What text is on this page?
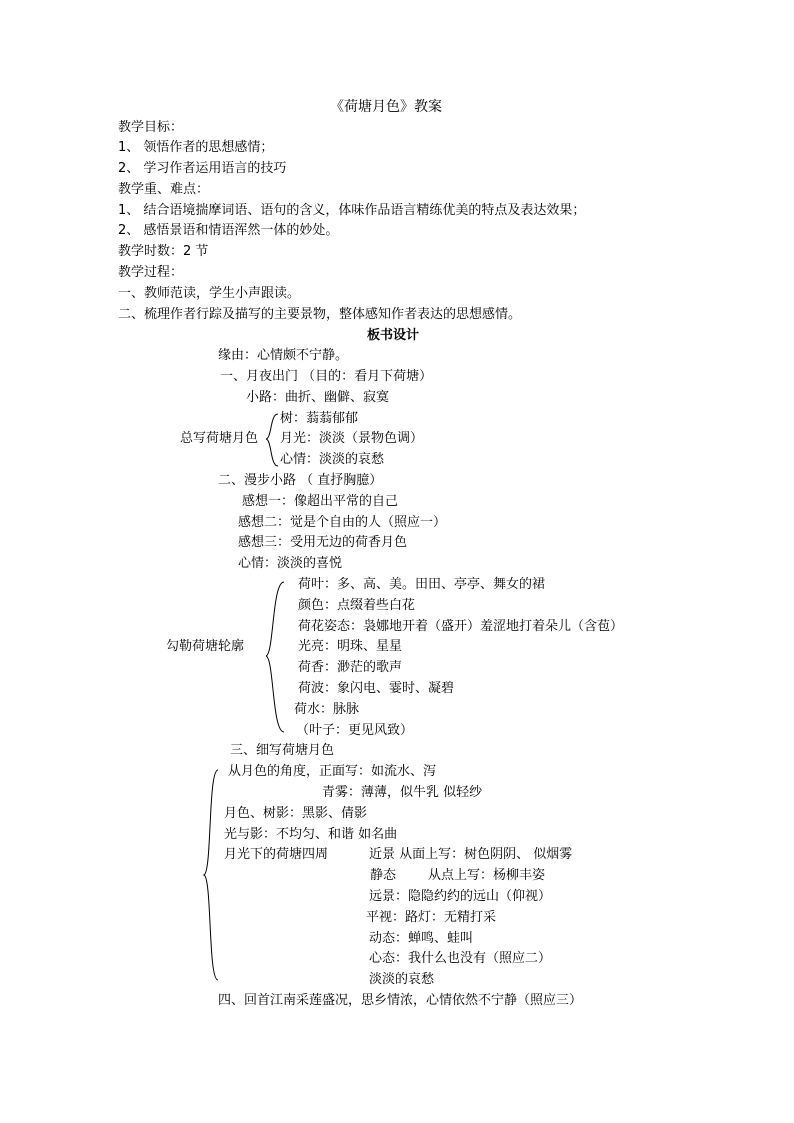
《荷塘月色》教案
教学目标：
1、 领悟作者的思想感情；
2、 学习作者运用语言的技巧
教学重、难点：
1、 结合语境揣摩词语、语句的含义，体味作品语言精练优美的特点及表达效果；
2、 感悟景语和情语浑然一体的妙处。
教学时数：2 节
教学过程：
一、教师范读，学生小声跟读。
二、梳理作者行踪及描写的主要景物，整体感知作者表达的思想感情。
板书设计
缘由：心情颇不宁静。
一、月夜出门 （目的：看月下荷塘）
小路：曲折、幽僻、寂寞
总写荷塘月色
树：蓊蓊郁郁
月光：淡淡（景物色调）
心情：淡淡的哀愁
二、漫步小路 （ 直抒胸臆）
感想一：像超出平常的自己
感想二：觉是个自由的人（照应一）
感想三：受用无边的荷香月色
心情：淡淡的喜悦
勾勒荷塘轮廓
荷叶：多、高、美。田田、亭亭、舞女的裙
颜色：点缀着些白花
荷花姿态：袅娜地开着（盛开）羞涩地打着朵儿（含苞）
光亮：明珠、星星
荷香：渺茫的歌声
荷波：象闪电、霎时、凝碧
荷水：脉脉
（叶子：更见风致）
三、细写荷塘月色
从月色的角度，正面写：如流水、泻
青雾：薄薄，似牛乳 似轻纱
月色、树影：黑影、倩影
光与影：不均匀、和谐 如名曲
月光下的荷塘四周	近景 从面上写：树色阴阴、 似烟雾
静态 从点上写：杨柳丰姿
远景：隐隐约约的远山（仰视）
平视：路灯：无精打采
动态：蝉鸣、蛙叫
心态：我什么也没有（照应二）
淡淡的哀愁
四、回首江南采莲盛况，思乡情浓，心情依然不宁静（照应三）
